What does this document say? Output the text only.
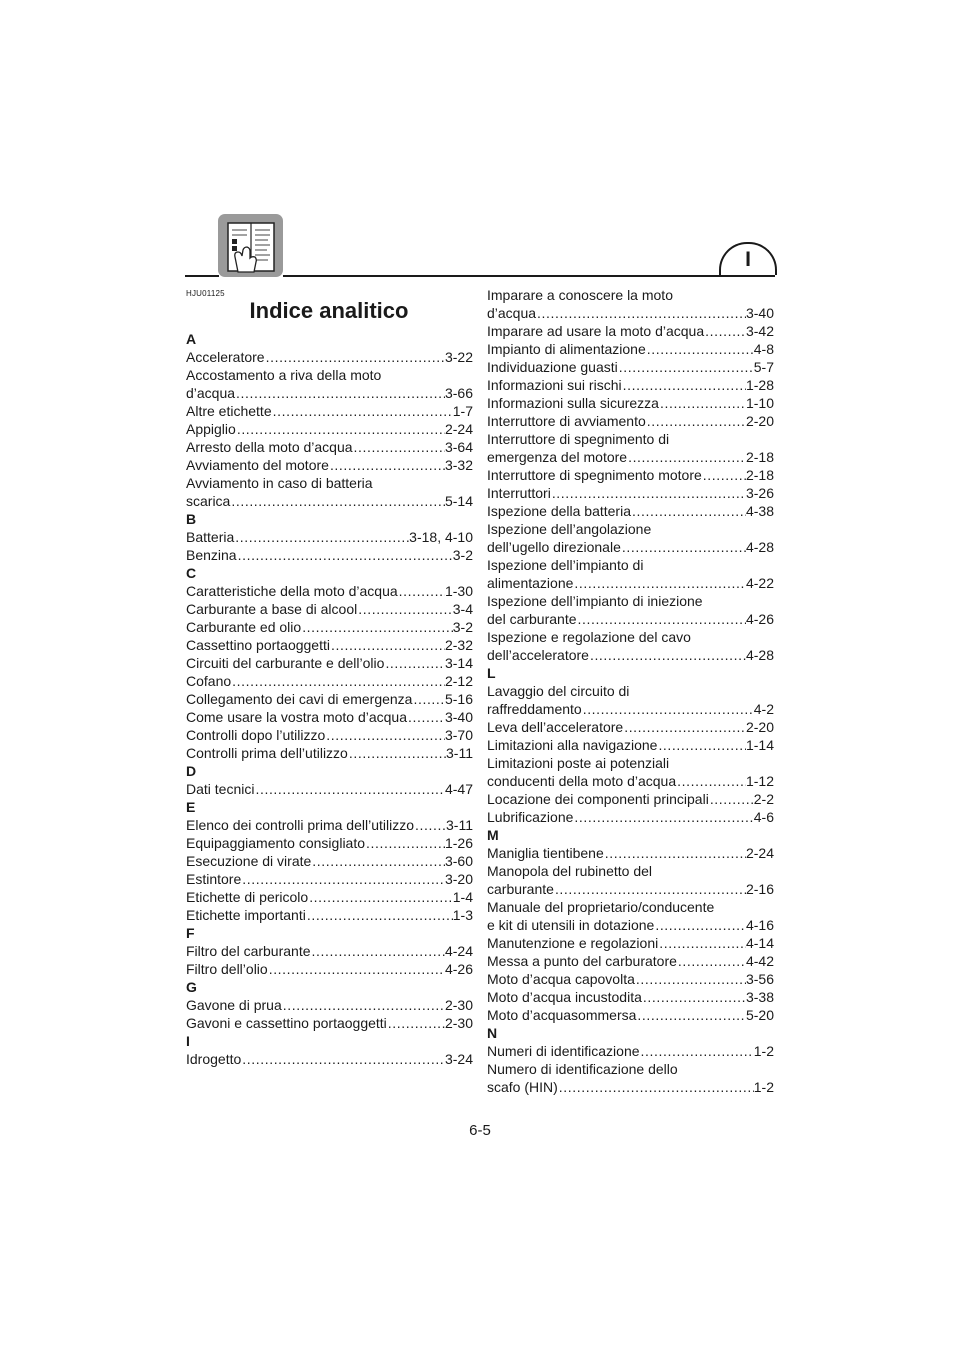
I
HJU01125
Indice analitico
A
Acceleratore .....	3-22
Accostamento a riva della moto
d’acqua .....	3-66
Altre etichette .....	1-7
Appiglio .....	2-24
Arresto della moto d’acqua .....	3-64
Avviamento del motore .....	3-32
Avviamento in caso di batteria
scarica .....	5-14
B
Batteria .....	3-18, 4-10
Benzina .....	3-2
C
Caratteristiche della moto d’acqua .....	1-30
Carburante a base di alcool .....	3-4
Carburante ed olio .....	3-2
Cassettino portaoggetti .....	2-32
Circuiti del carburante e dell’olio .....	3-14
Cofano .....	2-12
Collegamento dei cavi di emergenza ..... 5-16
Come usare la vostra moto d’acqua .....	3-40
Controlli dopo l’utilizzo .....	3-70
Controlli prima dell’utilizzo .....	3-11
D
Dati tecnici .....	4-47
E
Elenco dei controlli prima dell’utilizzo ..... 3-11
Equipaggiamento consigliato .....	1-26
Esecuzione di virate .....	3-60
Estintore .....	3-20
Etichette di pericolo .....	1-4
Etichette importanti .....	1-3
F
Filtro del carburante .....	4-24
Filtro dell’olio .....	4-26
G
Gavone di prua .....	2-30
Gavoni e cassettino portaoggetti .....	2-30
I
Idrogetto .....	3-24
Imparare a conoscere la moto
d’acqua .....	3-40
Imparare ad usare la moto d’acqua .....	3-42
Impianto di alimentazione .....	4-8
Individuazione guasti .....	5-7
Informazioni sui rischi .....	1-28
Informazioni sulla sicurezza .....	1-10
Interruttore di avviamento .....	2-20
Interruttore di spegnimento di
emergenza del motore .....	2-18
Interruttore di spegnimento motore .....	2-18
Interruttori .....	3-26
Ispezione della batteria .....	4-38
Ispezione dell’angolazione
dell’ugello direzionale .....	4-28
Ispezione dell’impianto di
alimentazione .....	4-22
Ispezione dell’impianto di iniezione
del carburante .....	4-26
Ispezione e regolazione del cavo
dell’acceleratore .....	4-28
L
Lavaggio del circuito di
raffreddamento .....	4-2
Leva dell’acceleratore .....	2-20
Limitazioni alla navigazione .....	1-14
Limitazioni poste ai potenziali
conducenti della moto d’acqua .....	1-12
Locazione dei componenti principali .....	2-2
Lubrificazione .....	4-6
M
Maniglia tientibene .....	2-24
Manopola del rubinetto del
carburante .....	2-16
Manuale del proprietario/conducente
e kit di utensili in dotazione .....	4-16
Manutenzione e regolazioni .....	4-14
Messa a punto del carburatore .....	4-42
Moto d’acqua capovolta .....	3-56
Moto d’acqua incustodita .....	3-38
Moto d’acquasommersa .....	5-20
N
Numeri di identificazione .....	1-2
Numero di identificazione dello
scafo (HIN) .....	1-2
6-5
